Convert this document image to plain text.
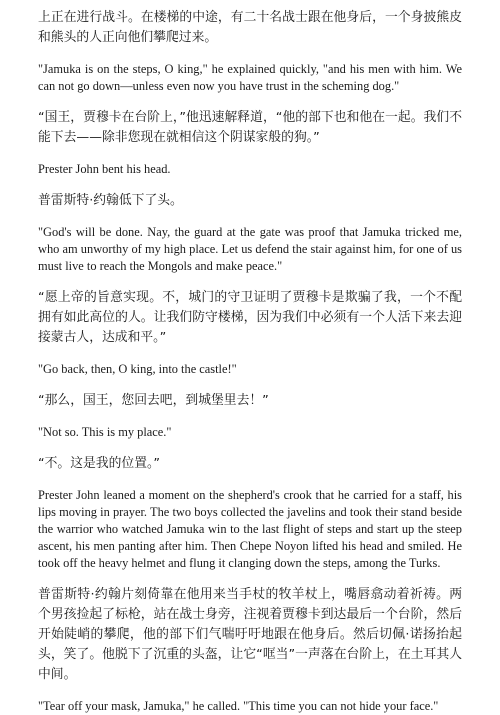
上正在进行战斗。在楼梯的中途，有二十名战士跟在他身后，一个身披熊皮和熊头的人正向他们攀爬过来。

"Jamuka is on the steps, O king," he explained quickly, "and his men with him. We can not go down—unless even now you have trust in the scheming dog."

“国王，贾穆卡在台阶上，”他迅速解释道，“他的部下也和他在一起。我们不能下去——除非您现在就相信这个阴谋家般的狗。”

Prester John bent his head.

普雷斯特·约翰低下了头。

"God's will be done. Nay, the guard at the gate was proof that Jamuka tricked me, who am unworthy of my high place. Let us defend the stair against him, for one of us must live to reach the Mongols and make peace."

“愿上帝的旨意实现。不，城门的守卫证明了贾穆卡是欺骗了我，一个不配拥有如此高位的人。让我们防守楼梯，因为我们中必须有一个人活下来去迎接蒙古人，达成和平。”

"Go back, then, O king, into the castle!"

“那么，国王，您回去吧，到城堡里去！”

"Not so. This is my place."

“不。这是我的位置。”

Prester John leaned a moment on the shepherd's crook that he carried for a staff, his lips moving in prayer. The two boys collected the javelins and took their stand beside the warrior who watched Jamuka win to the last flight of steps and start up the steep ascent, his men panting after him. Then Chepe Noyon lifted his head and smiled. He took off the heavy helmet and flung it clanging down the steps, among the Turks.

普雷斯特·约翰片刻倚靠在他用来当手杖的牧羊杖上，嘴唇翕动着祈祷。两个男孩捡起了标枪，站在战士身旁，注视着贾穆卡到达最后一个台阶，然后开始陡峭的攀爬，他的部下们气喘吁吁地跟在他身后。然后切佩·诺扬抬起头，笑了。他脱下了沉重的头盔，让它“哐当”一声落在台阶上，在土耳其人中间。

"Tear off your mask, Jamuka," he called. "This time you can not hide your face."
